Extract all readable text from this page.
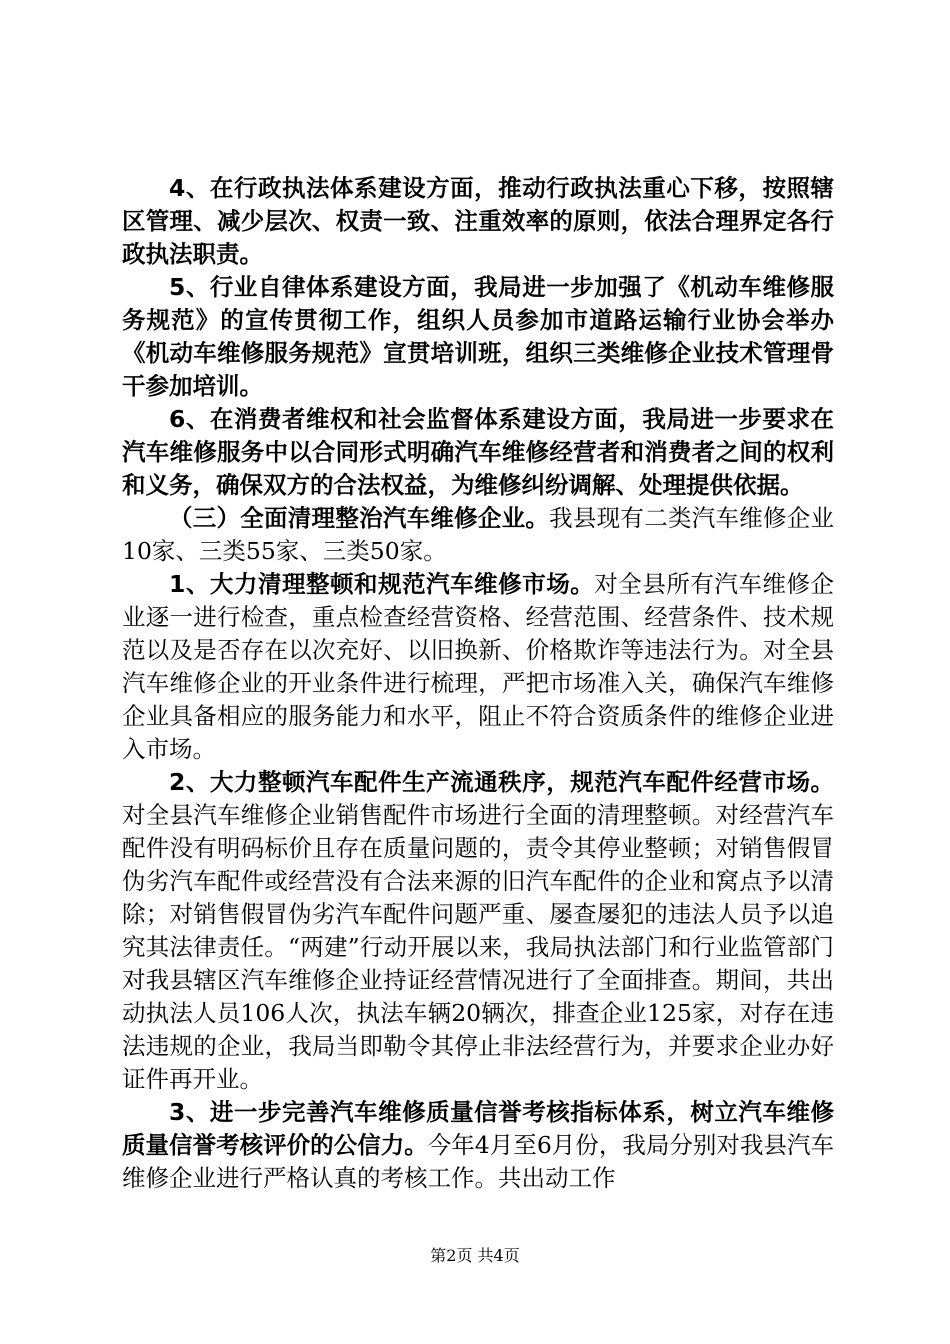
4、在行政执法体系建设方面，推动行政执法重心下移，按照辖区管理、减少层次、权责一致、注重效率的原则，依法合理界定各行政执法职责。

5、行业自律体系建设方面，我局进一步加强了《机动车维修服务规范》的宣传贯彻工作，组织人员参加市道路运输行业协会举办《机动车维修服务规范》宣贯培训班，组织三类维修企业技术管理骨干参加培训。

6、在消费者维权和社会监督体系建设方面，我局进一步要求在汽车维修服务中以合同形式明确汽车维修经营者和消费者之间的权利和义务，确保双方的合法权益，为维修纠纷调解、处理提供依据。

（三）全面清理整治汽车维修企业。我县现有二类汽车维修企业10家、三类55家、三类50家。

1、大力清理整顿和规范汽车维修市场。对全县所有汽车维修企业逐一进行检查，重点检查经营资格、经营范围、经营条件、技术规范以及是否存在以次充好、以旧换新、价格欺诈等违法行为。对全县汽车维修企业的开业条件进行梳理，严把市场准入关，确保汽车维修企业具备相应的服务能力和水平，阻止不符合资质条件的维修企业进入市场。

2、大力整顿汽车配件生产流通秩序，规范汽车配件经营市场。对全县汽车维修企业销售配件市场进行全面的清理整顿。对经营汽车配件没有明码标价且存在质量问题的，责令其停业整顿；对销售假冒伪劣汽车配件或经营没有合法来源的旧汽车配件的企业和窝点予以清除；对销售假冒伪劣汽车配件问题严重、屡查屡犯的违法人员予以追究其法律责任。“两建”行动开展以来，我局执法部门和行业监管部门对我县辖区汽车维修企业持证经营情况进行了全面排查。期间，共出动执法人员106人次，执法车辆20辆次，排查企业125家，对存在违法违规的企业，我局当即勒令其停止非法经营行为，并要求企业办好证件再开业。

3、进一步完善汽车维修质量信誉考核指标体系，树立汽车维修质量信誉考核评价的公信力。今年4月至6月份，我局分别对我县汽车维修企业进行严格认真的考核工作。共出动工作

第2页 共4页
